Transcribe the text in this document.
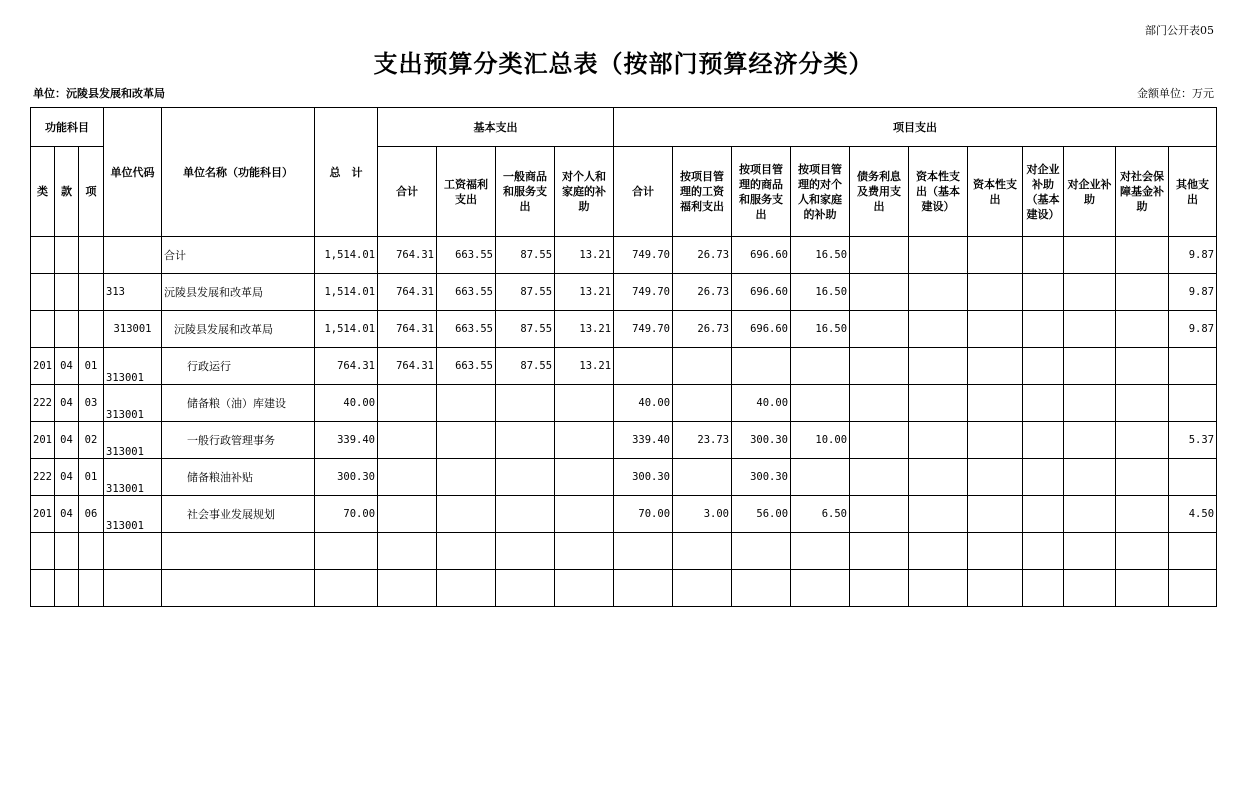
部门公开表05
支出预算分类汇总表（按部门预算经济分类）
单位：沅陵县发展和改革局	金额单位：万元
功能科目			单位代码	单位名称（功能科目）	总　计	基本支出				项目支出										
类	款	项				合计	工资福利支出	一般商品和服务支出	对个人和家庭的补助	合计	按项目管理的工资福利支出	按项目管理的商品和服务支出	按项目管理的对个人和家庭的补助	债务利息及费用支出	资本性支出（基本建设）	资本性支出	对企业补助（基本建设）	对企业补助	对社会保障基金补助	其他支出
				合计	1,514.01	764.31	663.55	87.55	13.21	749.70	26.73	696.60	16.50							9.87
			313	沅陵县发展和改革局	1,514.01	764.31	663.55	87.55	13.21	749.70	26.73	696.60	16.50							9.87
			313001	沅陵县发展和改革局	1,514.01	764.31	663.55	87.55	13.21	749.70	26.73	696.60	16.50							9.87
201	04	01	313001	行政运行	764.31	764.31	663.55	87.55	13.21											
222	04	03	313001	储备粮（油）库建设	40.00					40.00		40.00								
201	04	02	313001	一般行政管理事务	339.40					339.40	23.73	300.30	10.00							5.37
222	04	01	313001	储备粮油补贴	300.30					300.30		300.30								
201	04	06	313001	社会事业发展规划	70.00					70.00	3.00	56.00	6.50							4.50
